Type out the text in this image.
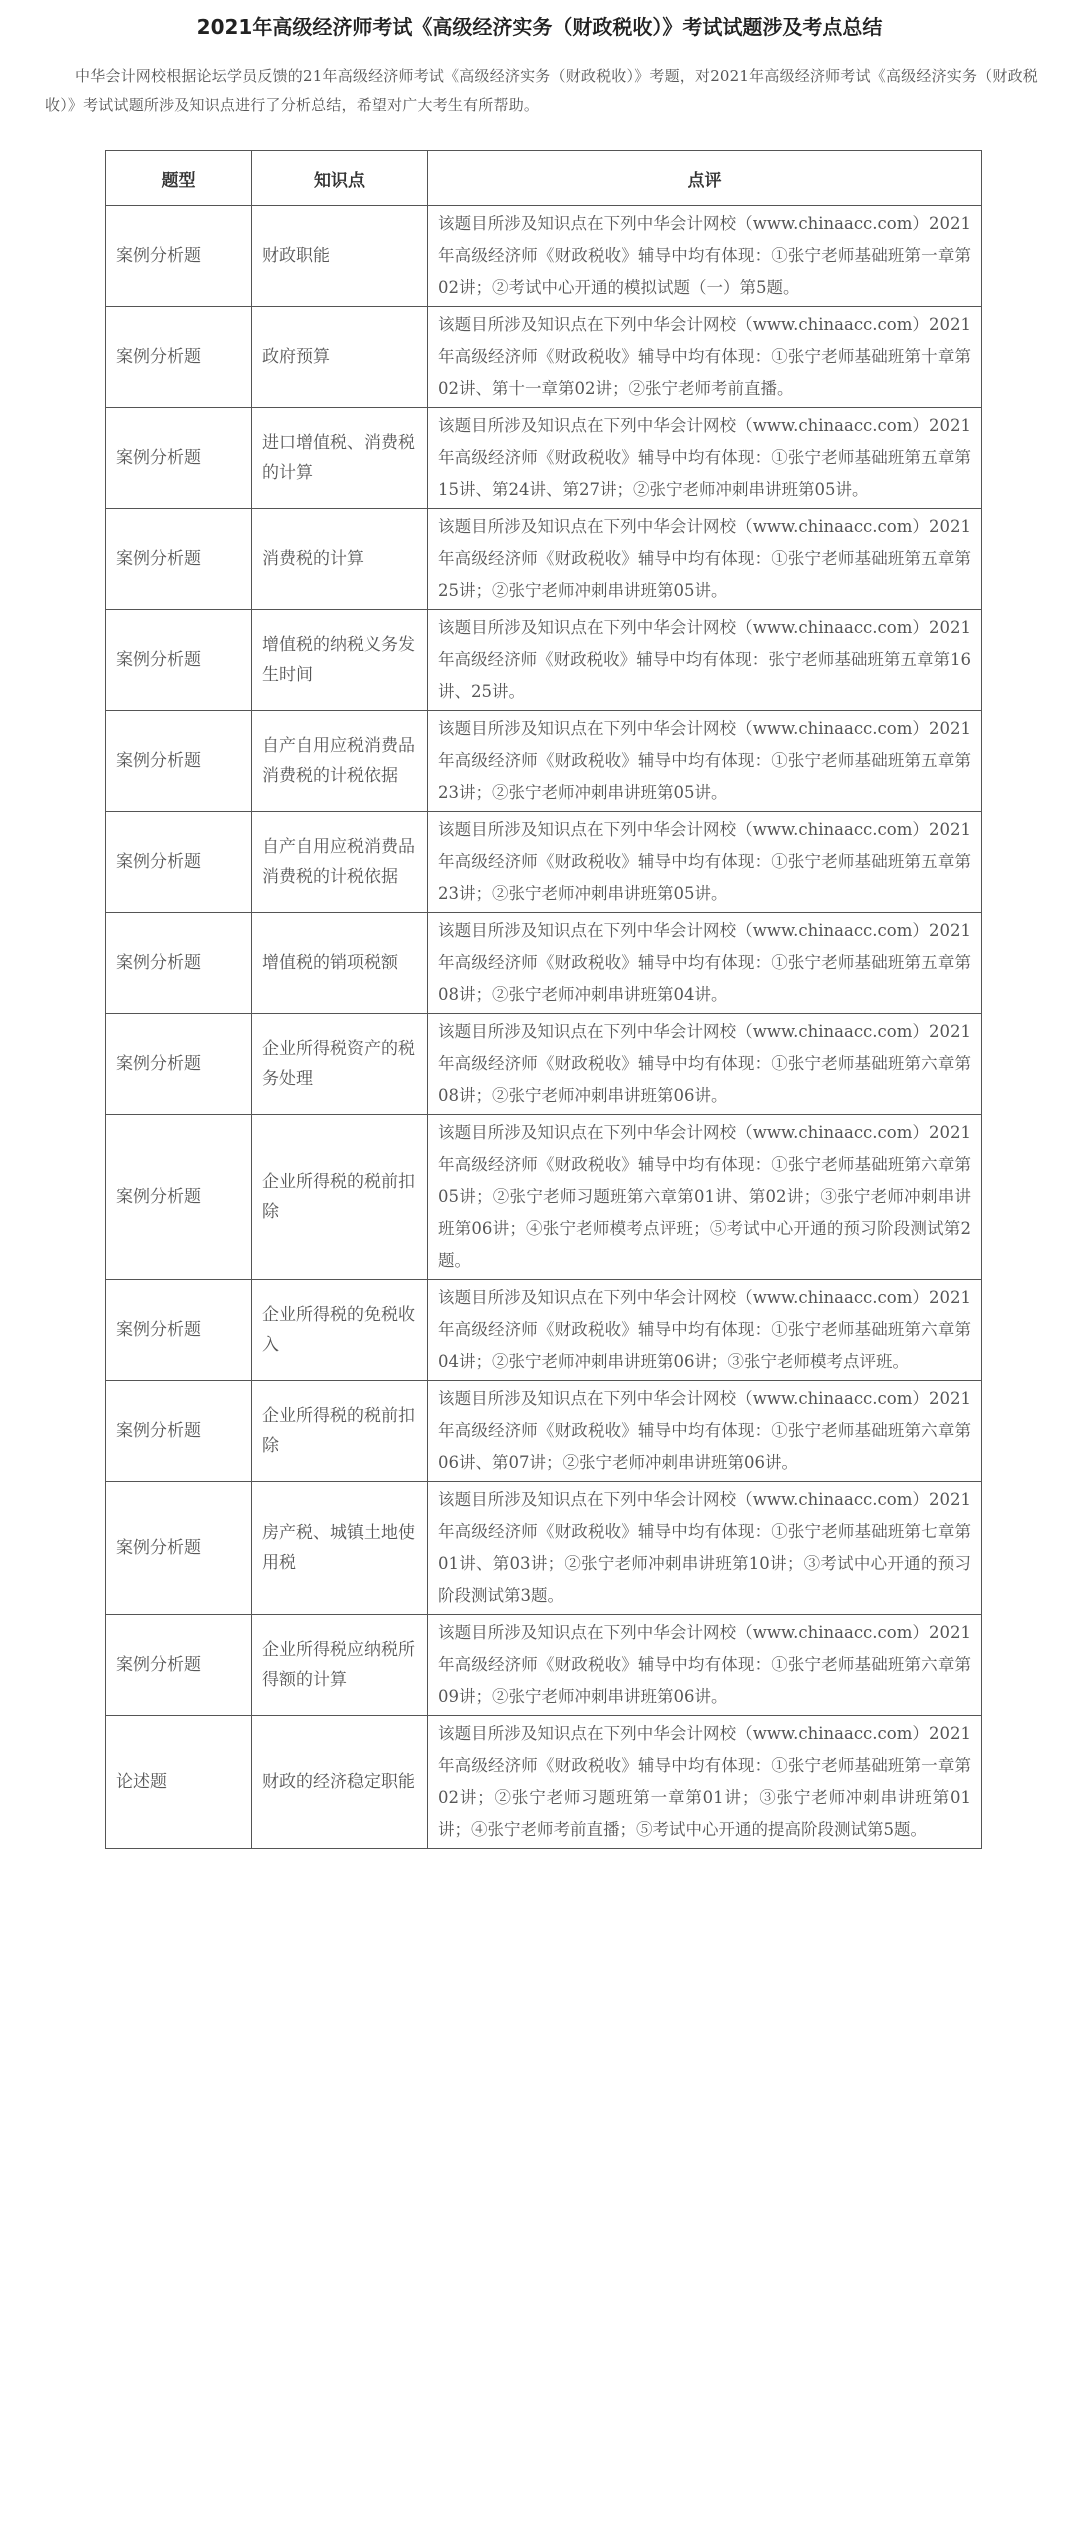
2021年高级经济师考试《高级经济实务（财政税收）》考试试题涉及考点总结
中华会计网校根据论坛学员反馈的21年高级经济师考试《高级经济实务（财政税收）》考题，对2021年高级经济师考试《高级经济实务（财政税收）》考试试题所涉及知识点进行了分析总结，希望对广大考生有所帮助。
题型	知识点	点评
案例分析题	财政职能	该题目所涉及知识点在下列中华会计网校（www.chinaacc.com）2021年高级经济师《财政税收》辅导中均有体现：①张宁老师基础班第一章第02讲；②考试中心开通的模拟试题（一）第5题。
案例分析题	政府预算	该题目所涉及知识点在下列中华会计网校（www.chinaacc.com）2021年高级经济师《财政税收》辅导中均有体现：①张宁老师基础班第十章第02讲、第十一章第02讲；②张宁老师考前直播。
案例分析题	进口增值税、消费税的计算	该题目所涉及知识点在下列中华会计网校（www.chinaacc.com）2021年高级经济师《财政税收》辅导中均有体现：①张宁老师基础班第五章第15讲、第24讲、第27讲；②张宁老师冲刺串讲班第05讲。
案例分析题	消费税的计算	该题目所涉及知识点在下列中华会计网校（www.chinaacc.com）2021年高级经济师《财政税收》辅导中均有体现：①张宁老师基础班第五章第25讲；②张宁老师冲刺串讲班第05讲。
案例分析题	增值税的纳税义务发生时间	该题目所涉及知识点在下列中华会计网校（www.chinaacc.com）2021年高级经济师《财政税收》辅导中均有体现：张宁老师基础班第五章第16讲、25讲。
案例分析题	自产自用应税消费品消费税的计税依据	该题目所涉及知识点在下列中华会计网校（www.chinaacc.com）2021年高级经济师《财政税收》辅导中均有体现：①张宁老师基础班第五章第23讲；②张宁老师冲刺串讲班第05讲。
案例分析题	自产自用应税消费品消费税的计税依据	该题目所涉及知识点在下列中华会计网校（www.chinaacc.com）2021年高级经济师《财政税收》辅导中均有体现：①张宁老师基础班第五章第23讲；②张宁老师冲刺串讲班第05讲。
案例分析题	增值税的销项税额	该题目所涉及知识点在下列中华会计网校（www.chinaacc.com）2021年高级经济师《财政税收》辅导中均有体现：①张宁老师基础班第五章第08讲；②张宁老师冲刺串讲班第04讲。
案例分析题	企业所得税资产的税务处理	该题目所涉及知识点在下列中华会计网校（www.chinaacc.com）2021年高级经济师《财政税收》辅导中均有体现：①张宁老师基础班第六章第08讲；②张宁老师冲刺串讲班第06讲。
案例分析题	企业所得税的税前扣除	该题目所涉及知识点在下列中华会计网校（www.chinaacc.com）2021年高级经济师《财政税收》辅导中均有体现：①张宁老师基础班第六章第05讲；②张宁老师习题班第六章第01讲、第02讲；③张宁老师冲刺串讲班第06讲；④张宁老师模考点评班；⑤考试中心开通的预习阶段测试第2题。
案例分析题	企业所得税的免税收入	该题目所涉及知识点在下列中华会计网校（www.chinaacc.com）2021年高级经济师《财政税收》辅导中均有体现：①张宁老师基础班第六章第04讲；②张宁老师冲刺串讲班第06讲；③张宁老师模考点评班。
案例分析题	企业所得税的税前扣除	该题目所涉及知识点在下列中华会计网校（www.chinaacc.com）2021年高级经济师《财政税收》辅导中均有体现：①张宁老师基础班第六章第06讲、第07讲；②张宁老师冲刺串讲班第06讲。
案例分析题	房产税、城镇土地使用税	该题目所涉及知识点在下列中华会计网校（www.chinaacc.com）2021年高级经济师《财政税收》辅导中均有体现：①张宁老师基础班第七章第01讲、第03讲；②张宁老师冲刺串讲班第10讲；③考试中心开通的预习阶段测试第3题。
案例分析题	企业所得税应纳税所得额的计算	该题目所涉及知识点在下列中华会计网校（www.chinaacc.com）2021年高级经济师《财政税收》辅导中均有体现：①张宁老师基础班第六章第09讲；②张宁老师冲刺串讲班第06讲。
论述题	财政的经济稳定职能	该题目所涉及知识点在下列中华会计网校（www.chinaacc.com）2021年高级经济师《财政税收》辅导中均有体现：①张宁老师基础班第一章第02讲；②张宁老师习题班第一章第01讲；③张宁老师冲刺串讲班第01讲；④张宁老师考前直播；⑤考试中心开通的提高阶段测试第5题。
